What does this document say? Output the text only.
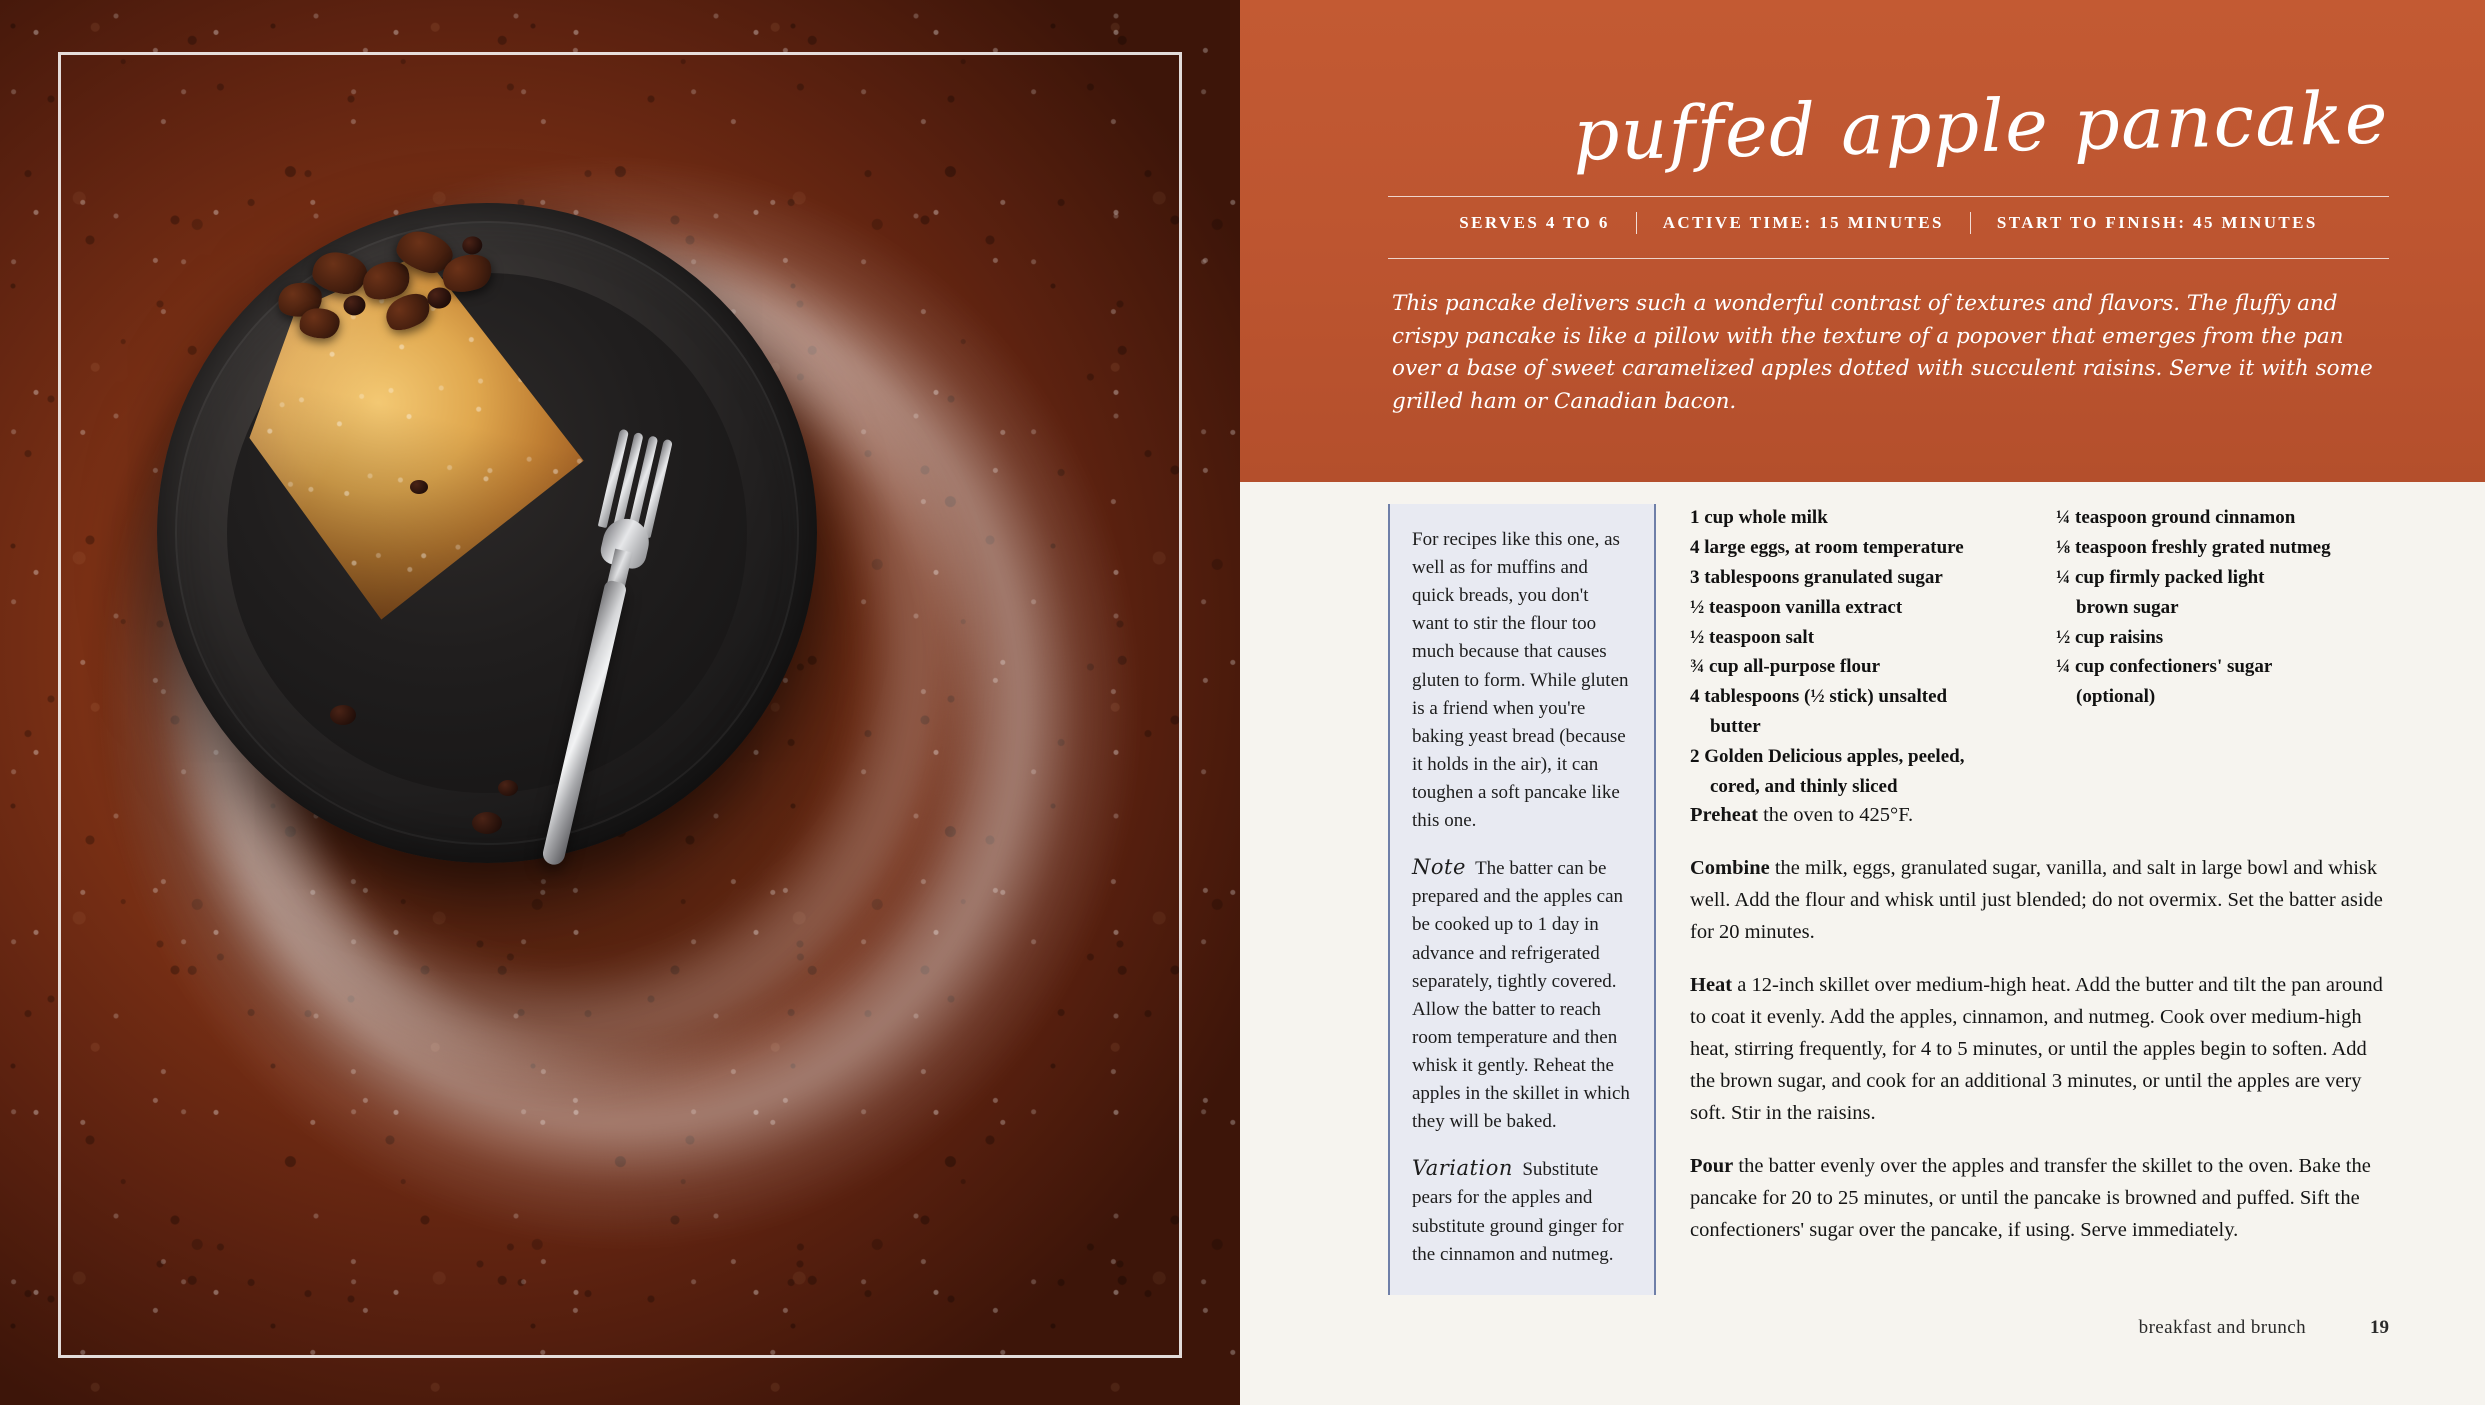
puffed apple pancake
SERVES 4 TO 6	ACTIVE TIME: 15 MINUTES	START TO FINISH: 45 MINUTES
This pancake delivers such a wonderful contrast of textures and flavors. The fluffy and crispy pancake is like a pillow with the texture of a popover that emerges from the pan over a base of sweet caramelized apples dotted with succulent raisins. Serve it with some grilled ham or Canadian bacon.

For recipes like this one, as well as for muffins and quick breads, you don't want to stir the flour too much because that causes gluten to form. While gluten is a friend when you're baking yeast bread (because it holds in the air), it can toughen a soft pancake like this one.

Note The batter can be prepared and the apples can be cooked up to 1 day in advance and refrigerated separately, tightly covered. Allow the batter to reach room temperature and then whisk it gently. Reheat the apples in the skillet in which they will be baked.

Variation Substitute pears for the apples and substitute ground ginger for the cinnamon and nutmeg.

1 cup whole milk
4 large eggs, at room temperature
3 tablespoons granulated sugar
½ teaspoon vanilla extract
½ teaspoon salt
¾ cup all-purpose flour
4 tablespoons (½ stick) unsalted
butter
2 Golden Delicious apples, peeled,
cored, and thinly sliced
¼ teaspoon ground cinnamon
⅛ teaspoon freshly grated nutmeg
¼ cup firmly packed light
brown sugar
½ cup raisins
¼ cup confectioners' sugar
(optional)

Preheat the oven to 425°F.

Combine the milk, eggs, granulated sugar, vanilla, and salt in large bowl and whisk well. Add the flour and whisk until just blended; do not overmix. Set the batter aside for 20 minutes.

Heat a 12-inch skillet over medium-high heat. Add the butter and tilt the pan around to coat it evenly. Add the apples, cinnamon, and nutmeg. Cook over medium-high heat, stirring frequently, for 4 to 5 minutes, or until the apples begin to soften. Add the brown sugar, and cook for an additional 3 minutes, or until the apples are very soft. Stir in the raisins.

Pour the batter evenly over the apples and transfer the skillet to the oven. Bake the pancake for 20 to 25 minutes, or until the pancake is browned and puffed. Sift the confectioners' sugar over the pancake, if using. Serve immediately.

breakfast and brunch	19
